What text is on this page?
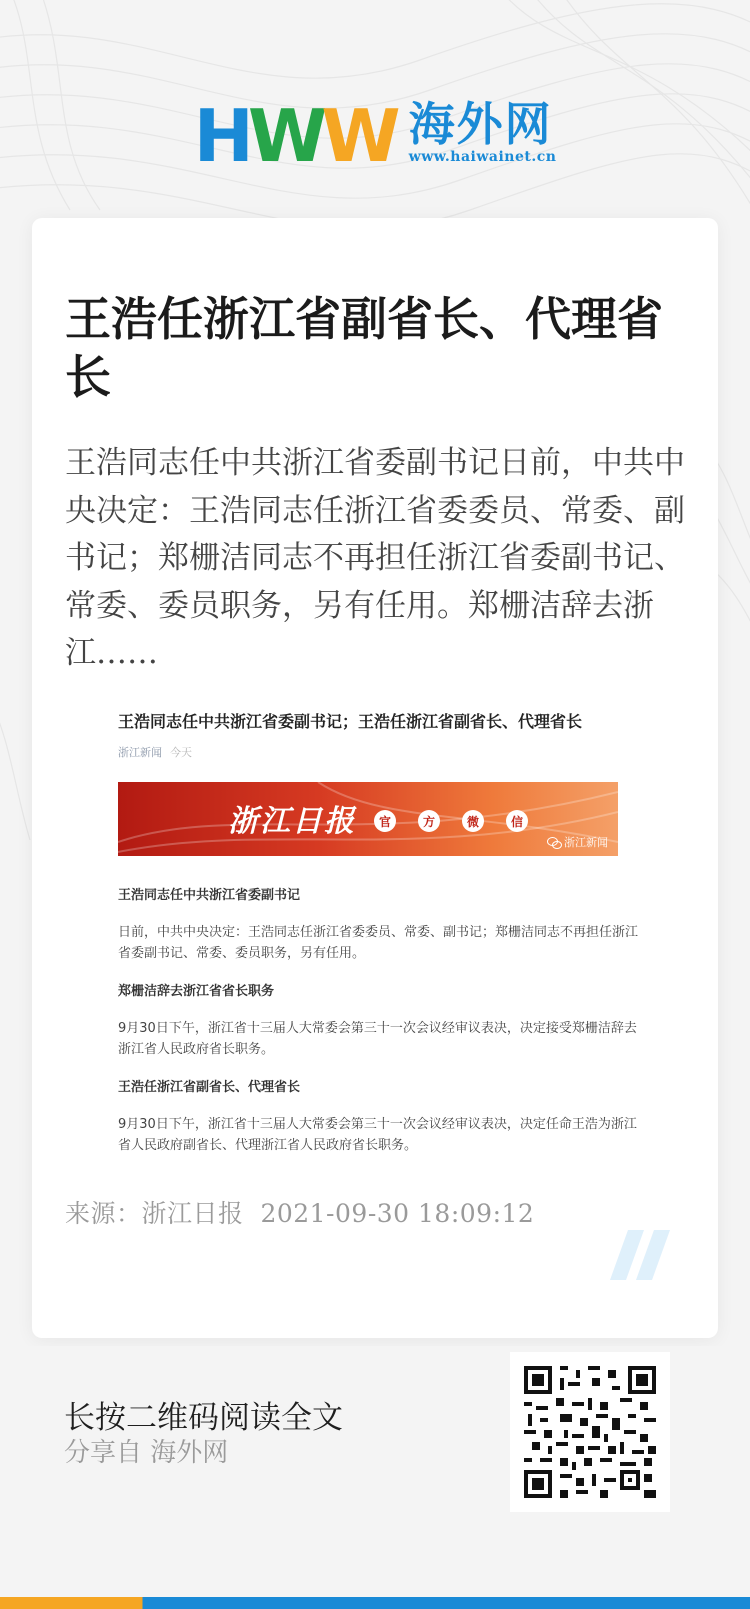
H W W 海外网
www.haiwainet.cn
王浩任浙江省副省长、代理省长

王浩同志任中共浙江省委副书记日前，中共中央决定：王浩同志任浙江省委委员、常委、副书记；郑栅洁同志不再担任浙江省委副书记、常委、委员职务，另有任用。郑栅洁辞去浙江……

王浩同志任中共浙江省委副书记；王浩任浙江省副省长、代理省长
浙江新闻 今天
浙江日报	官	方	微	信
浙江新闻
王浩同志任中共浙江省委副书记
日前，中共中央决定：王浩同志任浙江省委委员、常委、副书记；郑栅洁同志不再担任浙江省委副书记、常委、委员职务，另有任用。
郑栅洁辞去浙江省省长职务
9月30日下午，浙江省十三届人大常委会第三十一次会议经审议表决，决定接受郑栅洁辞去浙江省人民政府省长职务。
王浩任浙江省副省长、代理省长
9月30日下午，浙江省十三届人大常委会第三十一次会议经审议表决，决定任命王浩为浙江省人民政府副省长、代理浙江省人民政府省长职务。
来源：浙江日报 2021-09-30 18:09:12
长按二维码阅读全文
分享自 海外网
